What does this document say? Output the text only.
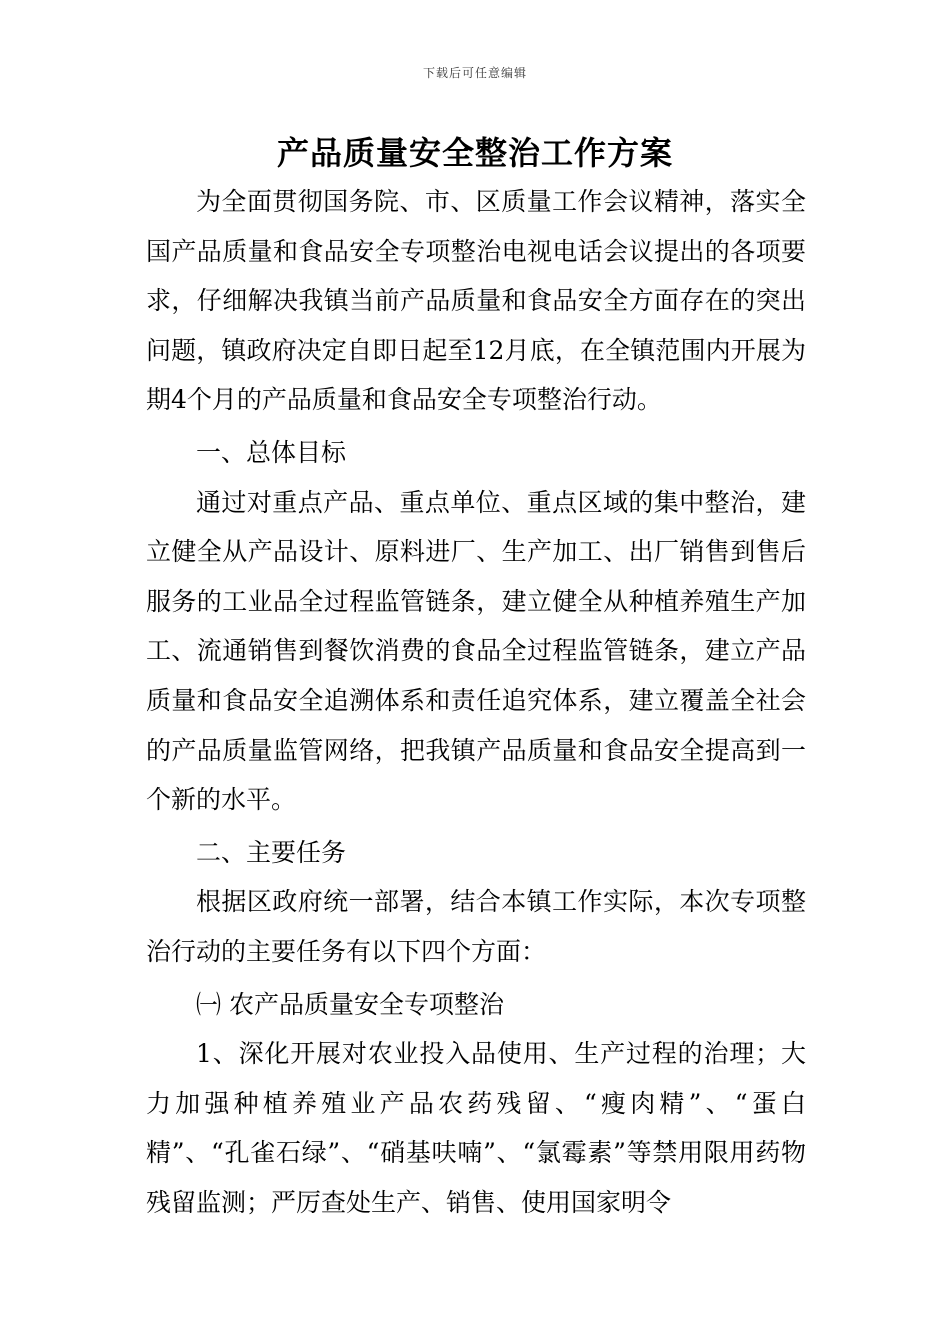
下载后可任意编辑
产品质量安全整治工作方案

为全面贯彻国务院、市、区质量工作会议精神，落实全国产品质量和食品安全专项整治电视电话会议提出的各项要求，仔细解决我镇当前产品质量和食品安全方面存在的突出问题，镇政府决定自即日起至12月底，在全镇范围内开展为期4个月的产品质量和食品安全专项整治行动。

一、总体目标

通过对重点产品、重点单位、重点区域的集中整治，建立健全从产品设计、原料进厂、生产加工、出厂销售到售后服务的工业品全过程监管链条，建立健全从种植养殖生产加工、流通销售到餐饮消费的食品全过程监管链条，建立产品质量和食品安全追溯体系和责任追究体系，建立覆盖全社会的产品质量监管网络，把我镇产品质量和食品安全提高到一个新的水平。

二、主要任务

根据区政府统一部署，结合本镇工作实际，本次专项整治行动的主要任务有以下四个方面：

㈠ 农产品质量安全专项整治

1、深化开展对农业投入品使用、生产过程的治理；大力加强种植养殖业产品农药残留、“瘦肉精”、“蛋白精”、“孔雀石绿”、“硝基呋喃”、“氯霉素”等禁用限用药物残留监测；严厉查处生产、销售、使用国家明令
